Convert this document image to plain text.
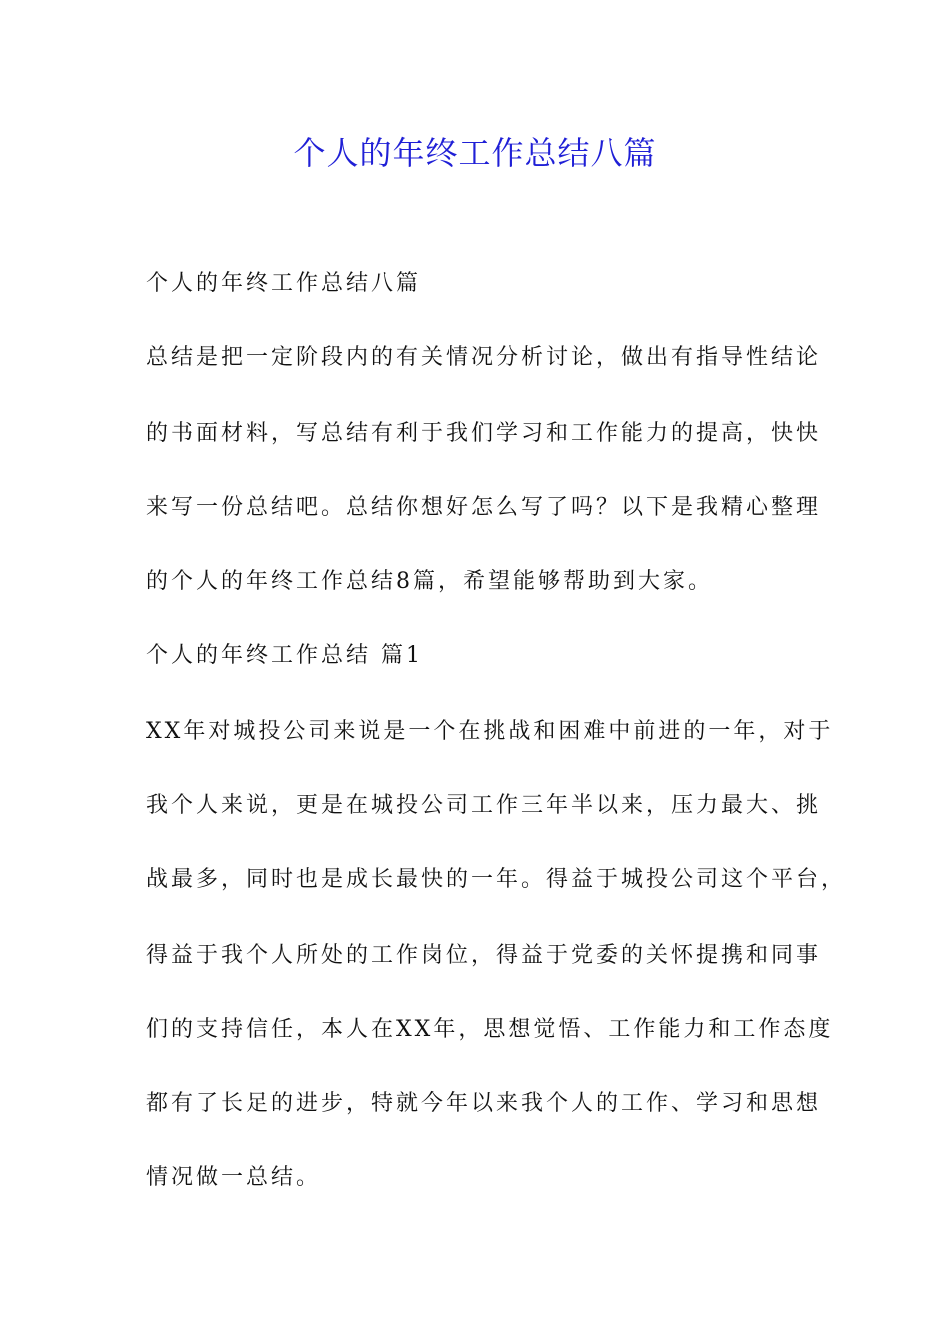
个人的年终工作总结八篇

个人的年终工作总结八篇

总结是把一定阶段内的有关情况分析讨论，做出有指导性结论

的书面材料，写总结有利于我们学习和工作能力的提高，快快

来写一份总结吧。总结你想好怎么写了吗？以下是我精心整理

的个人的年终工作总结8篇，希望能够帮助到大家。

个人的年终工作总结 篇1

XX年对城投公司来说是一个在挑战和困难中前进的一年，对于

我个人来说，更是在城投公司工作三年半以来，压力最大、挑

战最多，同时也是成长最快的一年。得益于城投公司这个平台，

得益于我个人所处的工作岗位，得益于党委的关怀提携和同事

们的支持信任，本人在XX年，思想觉悟、工作能力和工作态度

都有了长足的进步，特就今年以来我个人的工作、学习和思想

情况做一总结。
